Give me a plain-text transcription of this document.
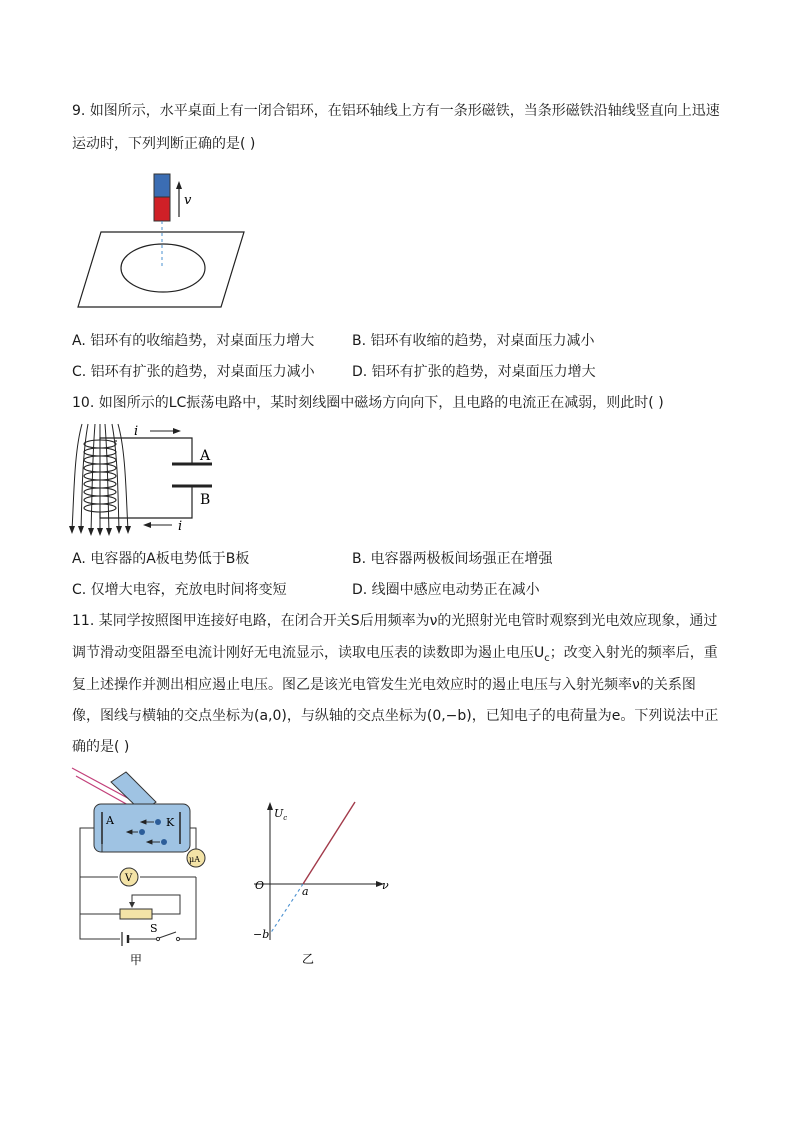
9. 如图所示，水平桌面上有一闭合铝环，在铝环轴线上方有一条形磁铁，当条形磁铁沿轴线竖直向上迅速
运动时，下列判断正确的是( )
v
A. 铝环有的收缩趋势，对桌面压力增大	B. 铝环有收缩的趋势，对桌面压力减小
C. 铝环有扩张的趋势，对桌面压力减小	D. 铝环有扩张的趋势，对桌面压力增大
10. 如图所示的LC振荡电路中，某时刻线圈中磁场方向向下，且电路的电流正在减弱，则此时( )
A
B
i
i
A. 电容器的A板电势低于B板	B. 电容器两极板间场强正在增强
C. 仅增大电容，充放电时间将变短	D. 线圈中感应电动势正在减小
11. 某同学按照图甲连接好电路，在闭合开关S后用频率为ν的光照射光电管时观察到光电效应现象，通过
调节滑动变阻器至电流计刚好无电流显示，读取电压表的读数即为遏止电压$U_c$；改变入射光的频率后，重
复上述操作并测出相应遏止电压。图乙是该光电管发生光电效应时的遏止电压与入射光频率ν的关系图
像，图线与横轴的交点坐标为(a,0)，与纵轴的交点坐标为(0,−b)，已知电子的电荷量为e。下列说法中正
确的是( )
A	K
μA
V
S
甲
$U_c$
O	ν
a
−b
乙
